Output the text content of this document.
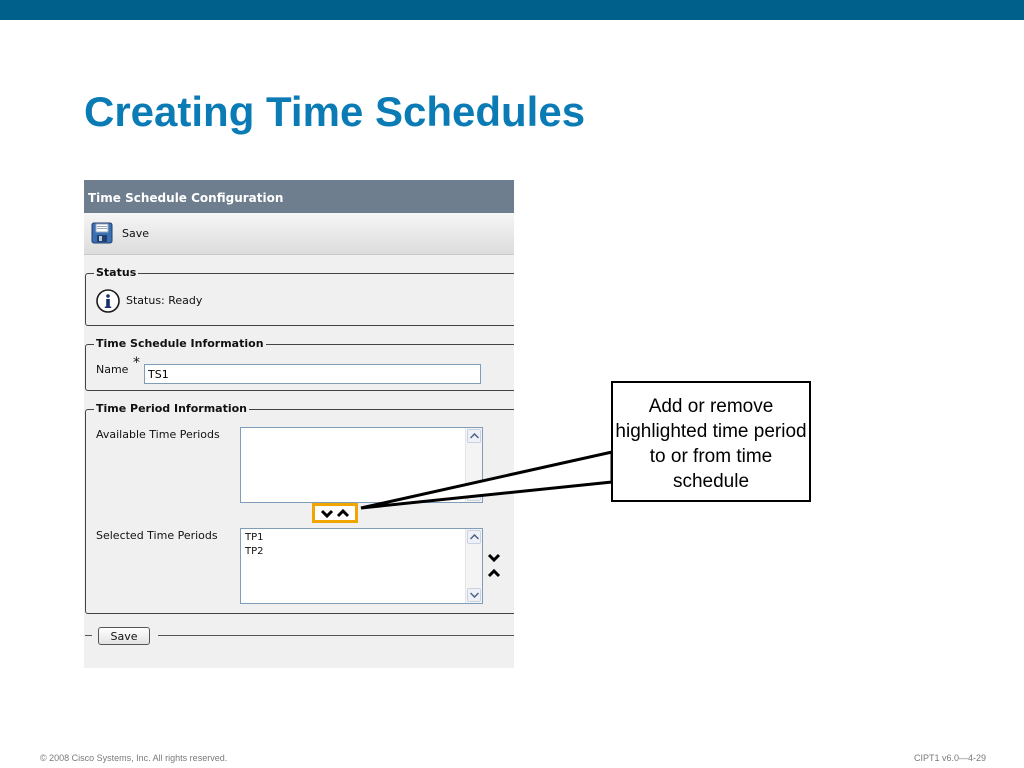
Creating Time Schedules
Time Schedule Configuration
Save
Status
Status: Ready
Time Schedule Information
Name *
TS1
Time Period Information
Available Time Periods
Selected Time Periods	TP1
TP2
Save
Add or remove highlighted time period to or from time schedule
© 2008 Cisco Systems, Inc. All rights reserved.	CIPT1 v6.0—4-29
